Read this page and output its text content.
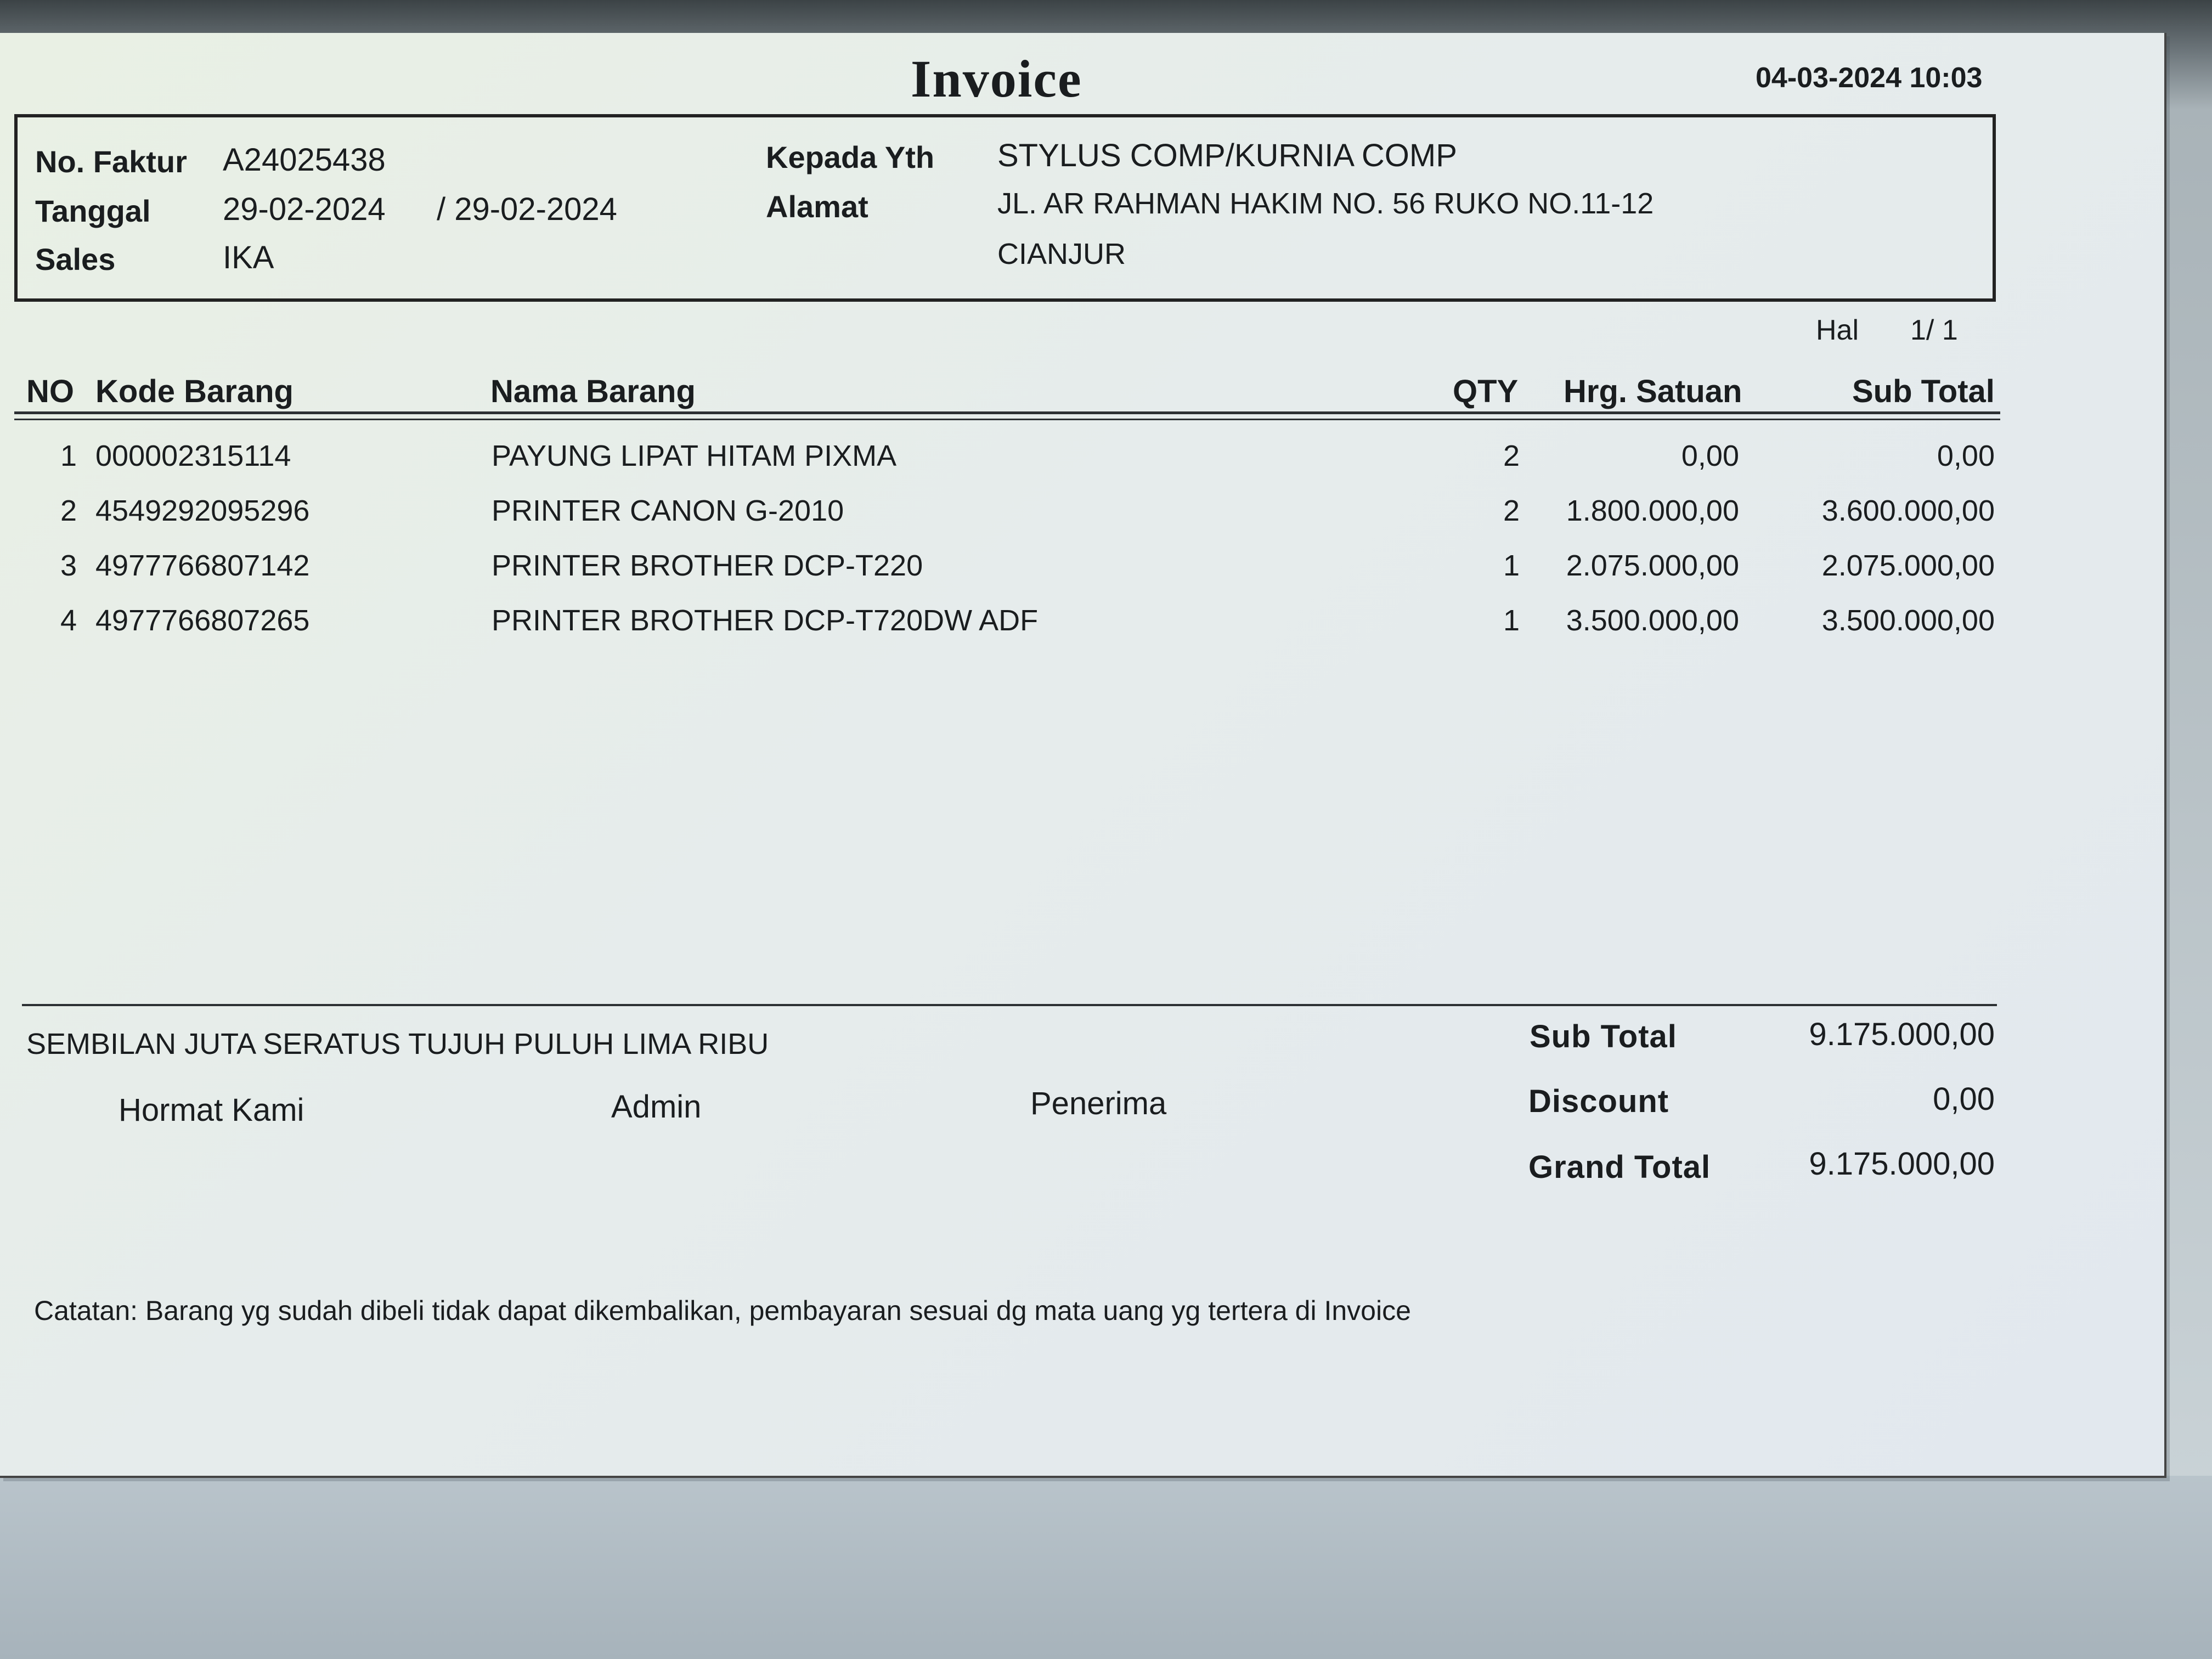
Invoice	04-03-2024 10:03
No. Faktur A24025438
Tanggal 29-02-2024 / 29-02-2024
Sales	IKA
Kepada Yth STYLUS COMP/KURNIA COMP
Alamat	JL. AR RAHMAN HAKIM NO. 56 RUKO NO.11-12
CIANJUR
Hal 1/ 1
NO Kode Barang	Nama Barang	QTY Hrg. Satuan	Sub Total
1 000002315114	PAYUNG LIPAT HITAM PIXMA	2	0,00	0,00
2 4549292095296	PRINTER CANON G-2010	2	1.800.000,00	3.600.000,00
3 4977766807142	PRINTER BROTHER DCP-T220	1	2.075.000,00	2.075.000,00
4 4977766807265	PRINTER BROTHER DCP-T720DW ADF	1	3.500.000,00	3.500.000,00
SEMBILAN JUTA SERATUS TUJUH PULUH LIMA RIBU
Hormat Kami	Admin	Penerima
Sub Total	9.175.000,00
Discount	0,00
Grand Total	9.175.000,00
Catatan: Barang yg sudah dibeli tidak dapat dikembalikan, pembayaran sesuai dg mata uang yg tertera di Invoice
